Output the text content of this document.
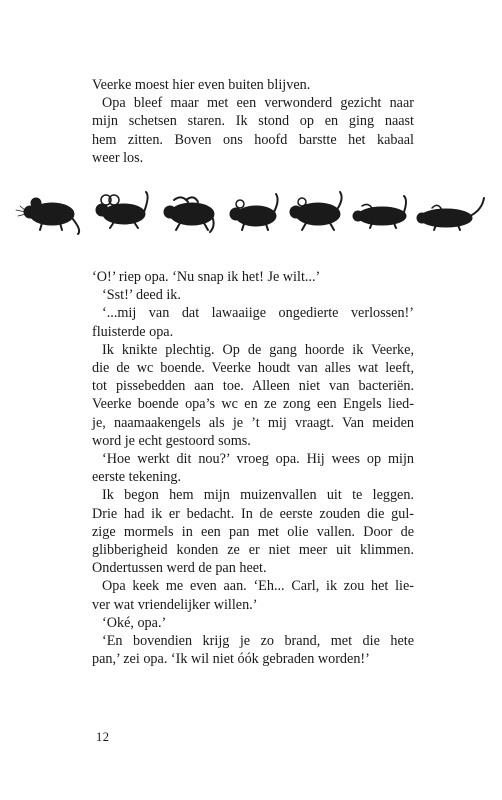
Veerke moest hier even buiten blijven.
Opa bleef maar met een verwonderd gezicht naar
mijn schetsen staren. Ik stond op en ging naast
hem zitten. Boven ons hoofd barstte het kabaal
weer los.
‘O!’ riep opa. ‘Nu snap ik het! Je wilt...’
‘Sst!’ deed ik.
‘...mij van dat lawaaiige ongedierte verlossen!’
fluisterde opa.
Ik knikte plechtig. Op de gang hoorde ik Veerke,
die de wc boende. Veerke houdt van alles wat leeft,
tot pissebedden aan toe. Alleen niet van bacteriën.
Veerke boende opa’s wc en ze zong een Engels lied-
je, naamaakengels als je ’t mij vraagt. Van meiden
word je echt gestoord soms.
‘Hoe werkt dit nou?’ vroeg opa. Hij wees op mijn
eerste tekening.
Ik begon hem mijn muizenvallen uit te leggen.
Drie had ik er bedacht. In de eerste zouden die gul-
zige mormels in een pan met olie vallen. Door de
glibberigheid konden ze er niet meer uit klimmen.
Ondertussen werd de pan heet.
Opa keek me even aan. ‘Eh... Carl, ik zou het lie-
ver wat vriendelijker willen.’
‘Oké, opa.’
‘En bovendien krijg je zo brand, met die hete
pan,’ zei opa. ‘Ik wil niet óók gebraden worden!’
12
